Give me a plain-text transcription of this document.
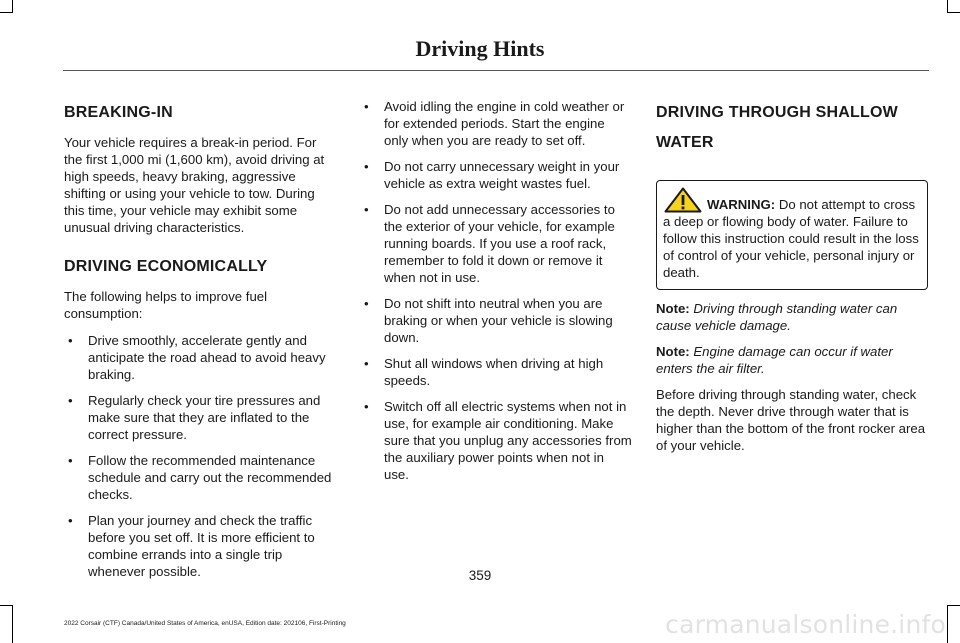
Driving Hints
BREAKING-IN

Your vehicle requires a break-in period. For the first 1,000 mi (1,600 km), avoid driving at high speeds, heavy braking, aggressive shifting or using your vehicle to tow. During this time, your vehicle may exhibit some unusual driving characteristics.

DRIVING ECONOMICALLY

The following helps to improve fuel consumption:

• Drive smoothly, accelerate gently and anticipate the road ahead to avoid heavy braking.
• Regularly check your tire pressures and make sure that they are inflated to the correct pressure.
• Follow the recommended maintenance schedule and carry out the recommended checks.
• Plan your journey and check the traffic before you set off. It is more efficient to combine errands into a single trip whenever possible.
• Avoid idling the engine in cold weather or for extended periods. Start the engine only when you are ready to set off.
• Do not carry unnecessary weight in your vehicle as extra weight wastes fuel.
• Do not add unnecessary accessories to the exterior of your vehicle, for example running boards. If you use a roof rack, remember to fold it down or remove it when not in use.
• Do not shift into neutral when you are braking or when your vehicle is slowing down.
• Shut all windows when driving at high speeds.
• Switch off all electric systems when not in use, for example air conditioning. Make sure that you unplug any accessories from the auxiliary power points when not in use.
DRIVING THROUGH SHALLOW
WATER
WARNING: Do not attempt to cross a deep or flowing body of water. Failure to follow this instruction could result in the loss of control of your vehicle, personal injury or death.

Note: Driving through standing water can cause vehicle damage.

Note: Engine damage can occur if water enters the air filter.

Before driving through standing water, check the depth. Never drive through water that is higher than the bottom of the front rocker area of your vehicle.

359
2022 Corsair (CTF) Canada/United States of America, enUSA, Edition date: 202106, First-Printing	carmanualsonline.info
